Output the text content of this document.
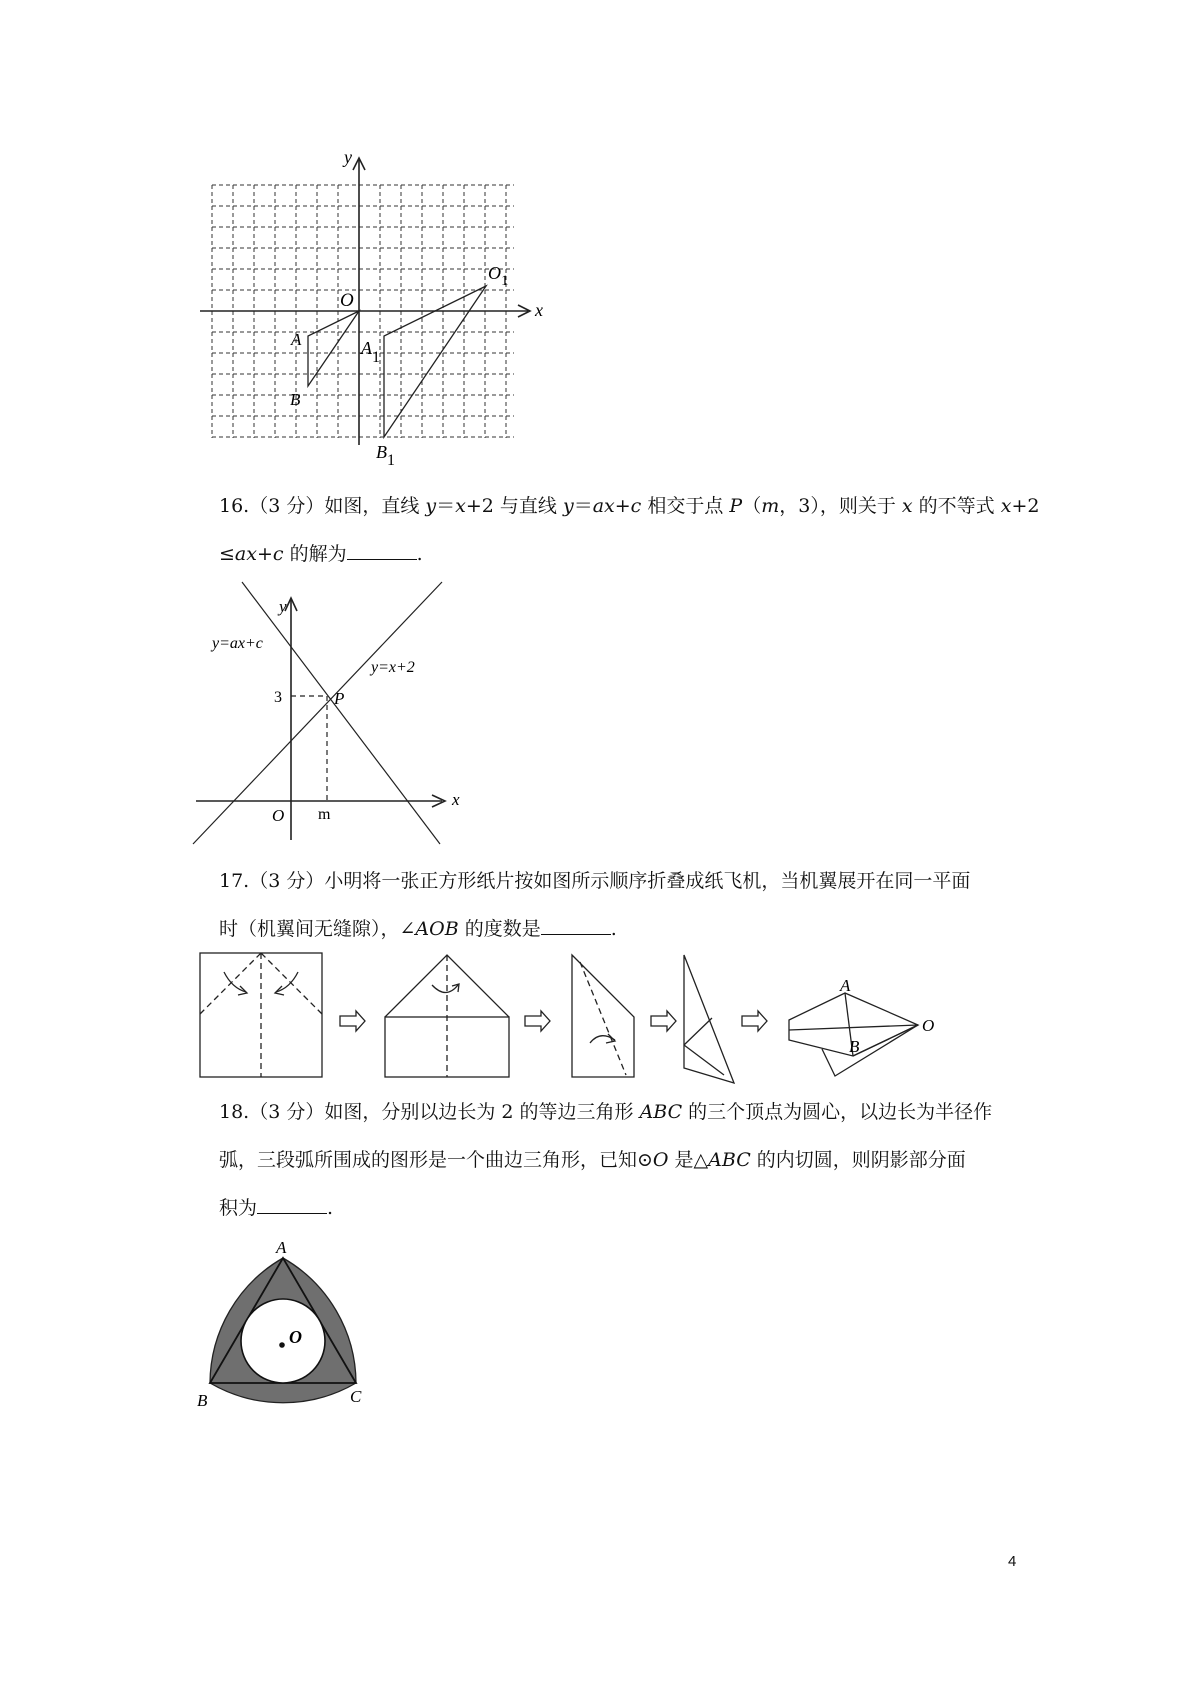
x
y
O
A
B
A1
B1
$O_1$

16.（3 分）如图，直线 y＝x+2 与直线 y＝ax+c 相交于点 P（m，3），则关于 x 的不等式 x+2
≤ax+c 的解为	.

y
x
O
y=ax+c
y=x+2
3
m
P

17.（3 分）小明将一张正方形纸片按如图所示顺序折叠成纸飞机，当机翼展开在同一平面
时（机翼间无缝隙），∠AOB 的度数是	.

A
B
O

18.（3 分）如图，分别以边长为 2 的等边三角形 ABC 的三个顶点为圆心，以边长为半径作
弧，三段弧所围成的图形是一个曲边三角形，已知⊙O 是△ABC 的内切圆，则阴影部分面
积为	.

A
B	C
O
4
